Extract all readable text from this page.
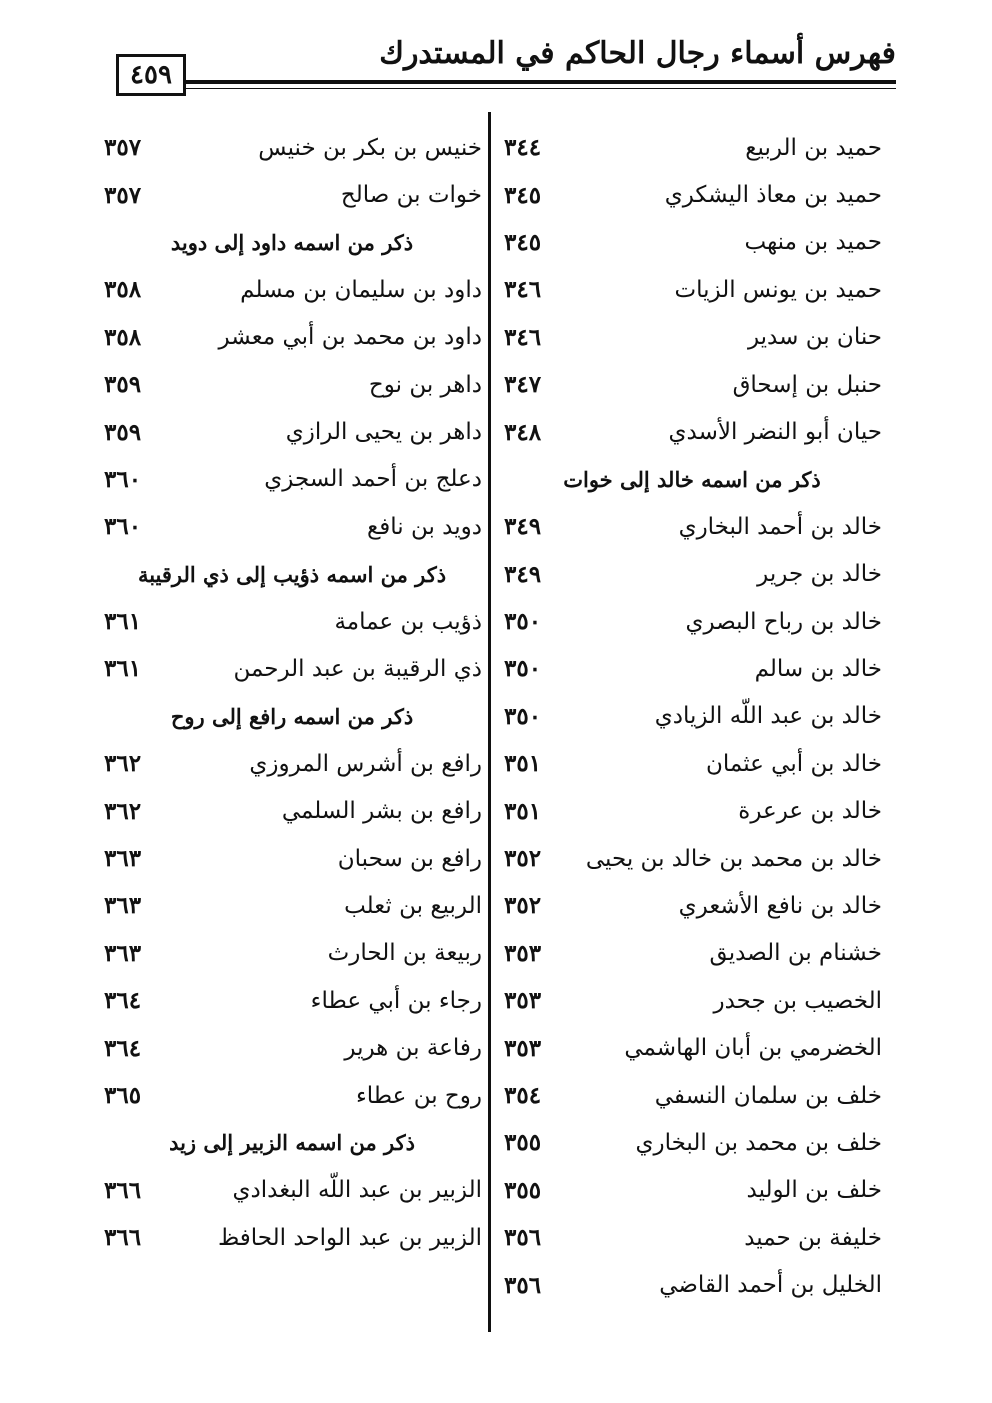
فهرس أسماء رجال الحاكم في المستدرك
٤٥٩
حميد بن الربيع
٣٤٤
حميد بن معاذ اليشكري
٣٤٥
حميد بن منهب
٣٤٥
حميد بن يونس الزيات
٣٤٦
حنان بن سدير
٣٤٦
حنبل بن إسحاق
٣٤٧
حيان أبو النضر الأسدي
٣٤٨
ذكر من اسمه خالد إلى خوات
خالد بن أحمد البخاري
٣٤٩
خالد بن جرير
٣٤٩
خالد بن رباح البصري
٣٥٠
خالد بن سالم
٣٥٠
خالد بن عبد اللّه الزيادي
٣٥٠
خالد بن أبي عثمان
٣٥١
خالد بن عرعرة
٣٥١
خالد بن محمد بن خالد بن يحيى
٣٥٢
خالد بن نافع الأشعري
٣٥٢
خشنام بن الصديق
٣٥٣
الخصيب بن جحدر
٣٥٣
الخضرمي بن أبان الهاشمي
٣٥٣
خلف بن سلمان النسفي
٣٥٤
خلف بن محمد بن البخاري
٣٥٥
خلف بن الوليد
٣٥٥
خليفة بن حميد
٣٥٦
الخليل بن أحمد القاضي
٣٥٦
خنيس بن بكر بن خنيس
٣٥٧
خوات بن صالح
٣٥٧
ذكر من اسمه داود إلى دويد
داود بن سليمان بن مسلم
٣٥٨
داود بن محمد بن أبي معشر
٣٥٨
داهر بن نوح
٣٥٩
داهر بن يحيى الرازي
٣٥٩
دعلج بن أحمد السجزي
٣٦٠
دويد بن نافع
٣٦٠
ذكر من اسمه ذؤيب إلى ذي الرقيبة
ذؤيب بن عمامة
٣٦١
ذي الرقيبة بن عبد الرحمن
٣٦١
ذكر من اسمه رافع إلى روح
رافع بن أشرس المروزي
٣٦٢
رافع بن بشر السلمي
٣٦٢
رافع بن سحبان
٣٦٣
الربيع بن ثعلب
٣٦٣
ربيعة بن الحارث
٣٦٣
رجاء بن أبي عطاء
٣٦٤
رفاعة بن هرير
٣٦٤
روح بن عطاء
٣٦٥
ذكر من اسمه الزبير إلى زيد
الزبير بن عبد اللّه البغدادي
٣٦٦
الزبير بن عبد الواحد الحافظ
٣٦٦
